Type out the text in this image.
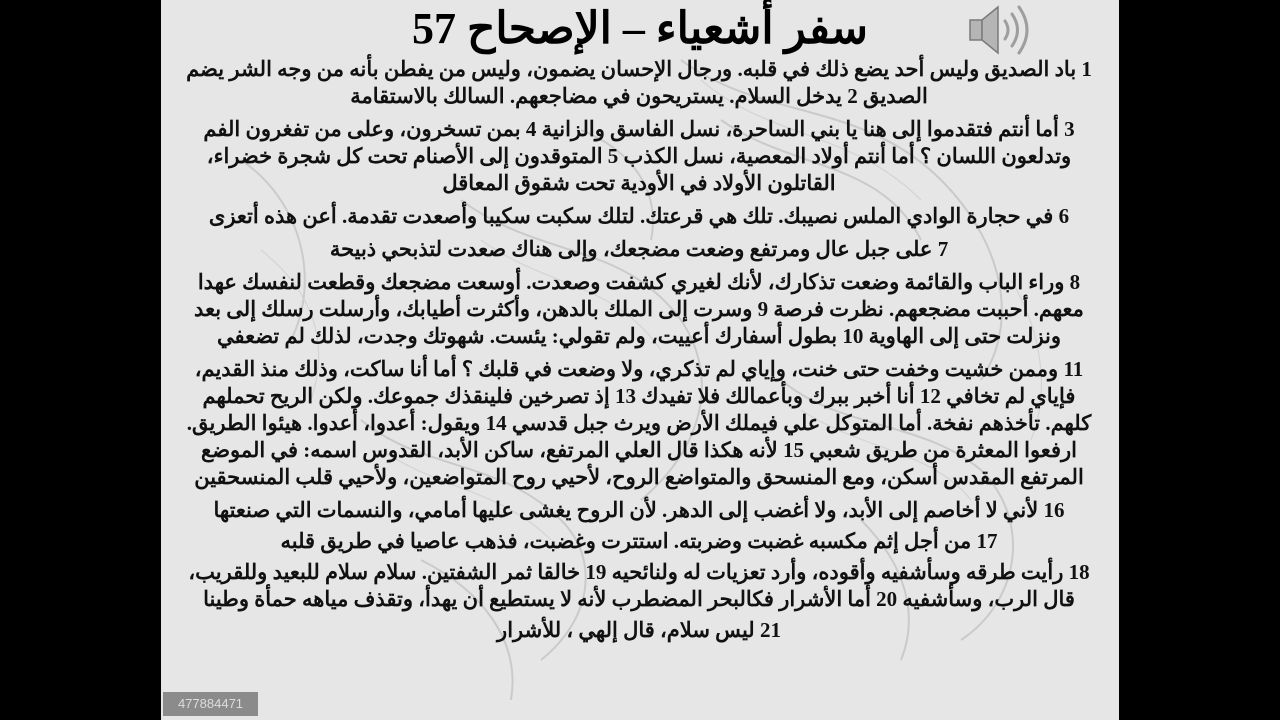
سفر أشعياء – الإصحاح 57

1 باد الصديق وليس أحد يضع ذلك في قلبه. ورجال الإحسان يضمون، وليس من يفطن بأنه من وجه الشر يضم الصديق 2 يدخل السلام. يستريحون في مضاجعهم. السالك بالاستقامة

3 أما أنتم فتقدموا إلى هنا يا بني الساحرة، نسل الفاسق والزانية 4 بمن تسخرون، وعلى من تفغرون الفم وتدلعون اللسان ؟ أما أنتم أولاد المعصية، نسل الكذب 5 المتوقدون إلى الأصنام تحت كل شجرة خضراء، القاتلون الأولاد في الأودية تحت شقوق المعاقل

6 في حجارة الوادي الملس نصيبك. تلك هي قرعتك. لتلك سكبت سكيبا وأصعدت تقدمة. أعن هذه أتعزى

7 على جبل عال ومرتفع وضعت مضجعك، وإلى هناك صعدت لتذبحي ذبيحة

8 وراء الباب والقائمة وضعت تذكارك، لأنك لغيري كشفت وصعدت. أوسعت مضجعك وقطعت لنفسك عهدا معهم. أحببت مضجعهم. نظرت فرصة 9 وسرت إلى الملك بالدهن، وأكثرت أطيابك، وأرسلت رسلك إلى بعد ونزلت حتى إلى الهاوية 10 بطول أسفارك أعييت، ولم تقولي: يئست. شهوتك وجدت، لذلك لم تضعفي

11 وممن خشيت وخفت حتى خنت، وإياي لم تذكري، ولا وضعت في قلبك ؟ أما أنا ساكت، وذلك منذ القديم، فإياي لم تخافي 12 أنا أخبر ببرك وبأعمالك فلا تفيدك 13 إذ تصرخين فلينقذك جموعك. ولكن الريح تحملهم كلهم. تأخذهم نفخة. أما المتوكل علي فيملك الأرض ويرث جبل قدسي 14 ويقول: أعدوا، أعدوا. هيئوا الطريق. ارفعوا المعثرة من طريق شعبي 15 لأنه هكذا قال العلي المرتفع، ساكن الأبد، القدوس اسمه: في الموضع المرتفع المقدس أسكن، ومع المنسحق والمتواضع الروح، لأحيي روح المتواضعين، ولأحيي قلب المنسحقين

16 لأني لا أخاصم إلى الأبد، ولا أغضب إلى الدهر. لأن الروح يغشى عليها أمامي، والنسمات التي صنعتها

17 من أجل إثم مكسبه غضبت وضربته. استترت وغضبت، فذهب عاصيا في طريق قلبه

18 رأيت طرقه وسأشفيه وأقوده، وأرد تعزيات له ولنائحيه 19 خالقا ثمر الشفتين. سلام سلام للبعيد وللقريب، قال الرب، وسأشفيه 20 أما الأشرار فكالبحر المضطرب لأنه لا يستطيع أن يهدأ، وتقذف مياهه حمأة وطينا

21 ليس سلام، قال إلهي ، للأشرار

477884471
